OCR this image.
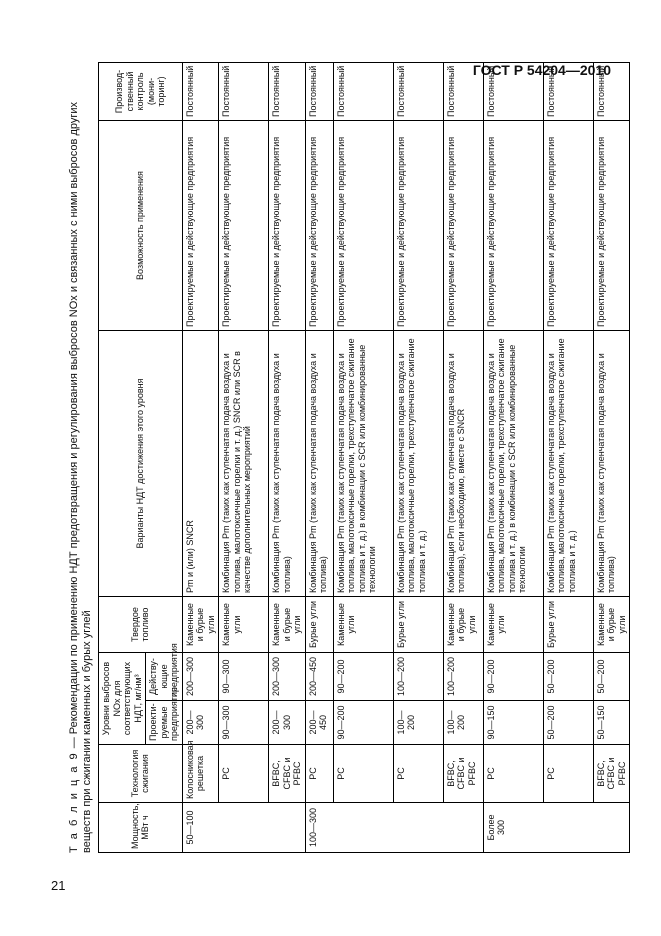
ГОСТ Р 54204—2010

Т а б л и ц а 9 — Рекомендации по применению НДТ предотвращения и регулирования выбросов NOx и связанных с ними выбросов других веществ при сжигании каменных и бурых углей	Мощность, МВт ч	Технология сжигания	Уровни выбросов NOx для соответствующих НДТ, мг/нм³		Твердое топливо	Варианты НДТ достижения этого уровня	Возможность применения	Производ-ственный контроль (мони-торинг)
		Проекти-руемые предприятия	Действу-ющие предприятия				
50—100	Колосниковая решетка	200—300	200—300	Каменные и бурые угли	Pm и (или) SNCR	Проектируемые и действующие предприятия	Постоянный
	PC	90—300	90—300	Каменные угли	Комбинация Pm (таких как ступенчатая подача воздуха и топлива, малотоксичные горелки и т. д.) SNCR или SCR в качестве дополнительных мероприятий	Проектируемые и действующие предприятия	Постоянный
	BFBC, CFBC и PFBC	200—300	200—300	Каменные и бурые угли	Комбинация Pm (таких как ступенчатая подача воздуха и топлива)	Проектируемые и действующие предприятия	Постоянный
100—300	PC	200—450	200—450	Бурые угли	Комбинация Pm (таких как ступенчатая подача воздуха и топлива)	Проектируемые и действующие предприятия	Постоянный
	PC	90—200	90—200	Каменные угли	Комбинация Pm (таких как ступенчатая подача воздуха и топлива, малотоксичные горелки, трехступенчатое сжигание топлива и т. д.) в комбинации с SCR или комбинированные технологии	Проектируемые и действующие предприятия	Постоянный
	PC	100—200	100—200	Бурые угли	Комбинация Pm (таких как ступенчатая подача воздуха и топлива, малотоксичные горелки, трехступенчатое сжигание топлива и т. д.)	Проектируемые и действующие предприятия	Постоянный
	BFBC, CFBC и PFBC	100—200	100—200	Каменные и бурые угли	Комбинация Pm (таких как ступенчатая подача воздуха и топлива), если необходимо, вместе с SNCR	Проектируемые и действующие предприятия	Постоянный
Более 300	PC	90—150	90—200	Каменные угли	Комбинация Pm (таких как ступенчатая подача воздуха и топлива, малотоксичные горелки, трехступенчатое сжигание топлива и т. д.) в комбинации с SCR или комбинированные технологии	Проектируемые и действующие предприятия	Постоянный
	PC	50—200	50—200	Бурые угли	Комбинация Pm (таких как ступенчатая подача воздуха и топлива, малотоксичные горелки, трехступенчатое сжигание топлива и т. д.)	Проектируемые и действующие предприятия	Постоянный
	BFBC, CFBC и PFBC	50—150	50—200	Каменные и бурые угли	Комбинация Pm (таких как ступенчатая подача воздуха и топлива)	Проектируемые и действующие предприятия	Постоянный
21
